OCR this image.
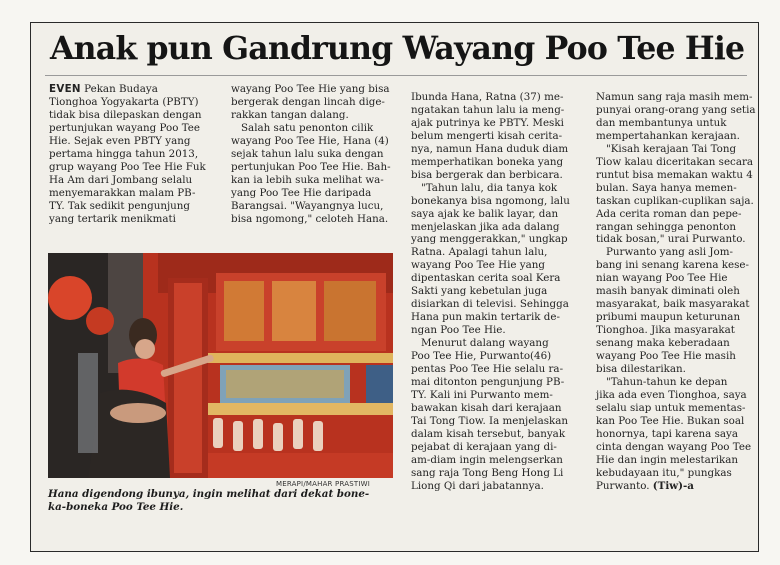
Anak pun Gandrung Wayang Poo Tee Hie

EVEN Pekan Budaya
Tionghoa Yogyakarta (PBTY)
tidak bisa dilepaskan dengan
pertunjukan wayang Poo Tee
Hie. Sejak even PBTY yang
pertama hingga tahun 2013,
grup wayang Poo Tee Hie Fuk
Ha Am dari Jombang selalu
menyemarakkan malam PB-
TY. Tak sedikit pengunjung
yang tertarik menikmati

wayang Poo Tee Hie yang bisa
bergerak dengan lincah dige-
rakkan tangan dalang.

Salah satu penonton cilik
wayang Poo Tee Hie, Hana (4)
sejak tahun lalu suka dengan
pertunjukan Poo Tee Hie. Bah-
kan ia lebih suka melihat wa-
yang Poo Tee Hie daripada
Barangsai. "Wayangnya lucu,
bisa ngomong," celoteh Hana.

Ibunda Hana, Ratna (37) me-
ngatakan tahun lalu ia meng-
ajak putrinya ke PBTY. Meski
belum mengerti kisah cerita-
nya, namun Hana duduk diam
memperhatikan boneka yang
bisa bergerak dan berbicara.

"Tahun lalu, dia tanya kok
bonekanya bisa ngomong, lalu
saya ajak ke balik layar, dan
menjelaskan jika ada dalang
yang menggerakkan," ungkap
Ratna. Apalagi tahun lalu,
wayang Poo Tee Hie yang
dipentaskan cerita soal Kera
Sakti yang kebetulan juga
disiarkan di televisi. Sehingga
Hana pun makin tertarik de-
ngan Poo Tee Hie.

Menurut dalang wayang
Poo Tee Hie, Purwanto(46)
pentas Poo Tee Hie selalu ra-
mai ditonton pengunjung PB-
TY. Kali ini Purwanto mem-
bawakan kisah dari kerajaan
Tai Tong Tiow. Ia menjelaskan
dalam kisah tersebut, banyak
pejabat di kerajaan yang di-
am-diam ingin melengserkan
sang raja Tong Beng Hong Li
Liong Qi dari jabatannya.

Namun sang raja masih mem-
punyai orang-orang yang setia
dan membantunya untuk
mempertahankan kerajaan.

"Kisah kerajaan Tai Tong
Tiow kalau diceritakan secara
runtut bisa memakan waktu 4
bulan. Saya hanya memen-
taskan cuplikan-cuplikan saja.
Ada cerita roman dan pepe-
rangan sehingga penonton
tidak bosan," urai Purwanto.

Purwanto yang asli Jom-
bang ini senang karena kese-
nian wayang Poo Tee Hie
masih banyak diminati oleh
masyarakat, baik masyarakat
pribumi maupun keturunan
Tionghoa. Jika masyarakat
senang maka keberadaan
wayang Poo Tee Hie masih
bisa dilestarikan.

"Tahun-tahun ke depan
jika ada even Tionghoa, saya
selalu siap untuk mementas-
kan Poo Tee Hie. Bukan soal
honornya, tapi karena saya
cinta dengan wayang Poo Tee
Hie dan ingin melestarikan
kebudayaan itu," pungkas
Purwanto. (Tiw)-a

MERAPI/MAHAR PRASTIWI
Hana digendong ibunya, ingin melihat dari dekat bone-
ka-boneka Poo Tee Hie.
